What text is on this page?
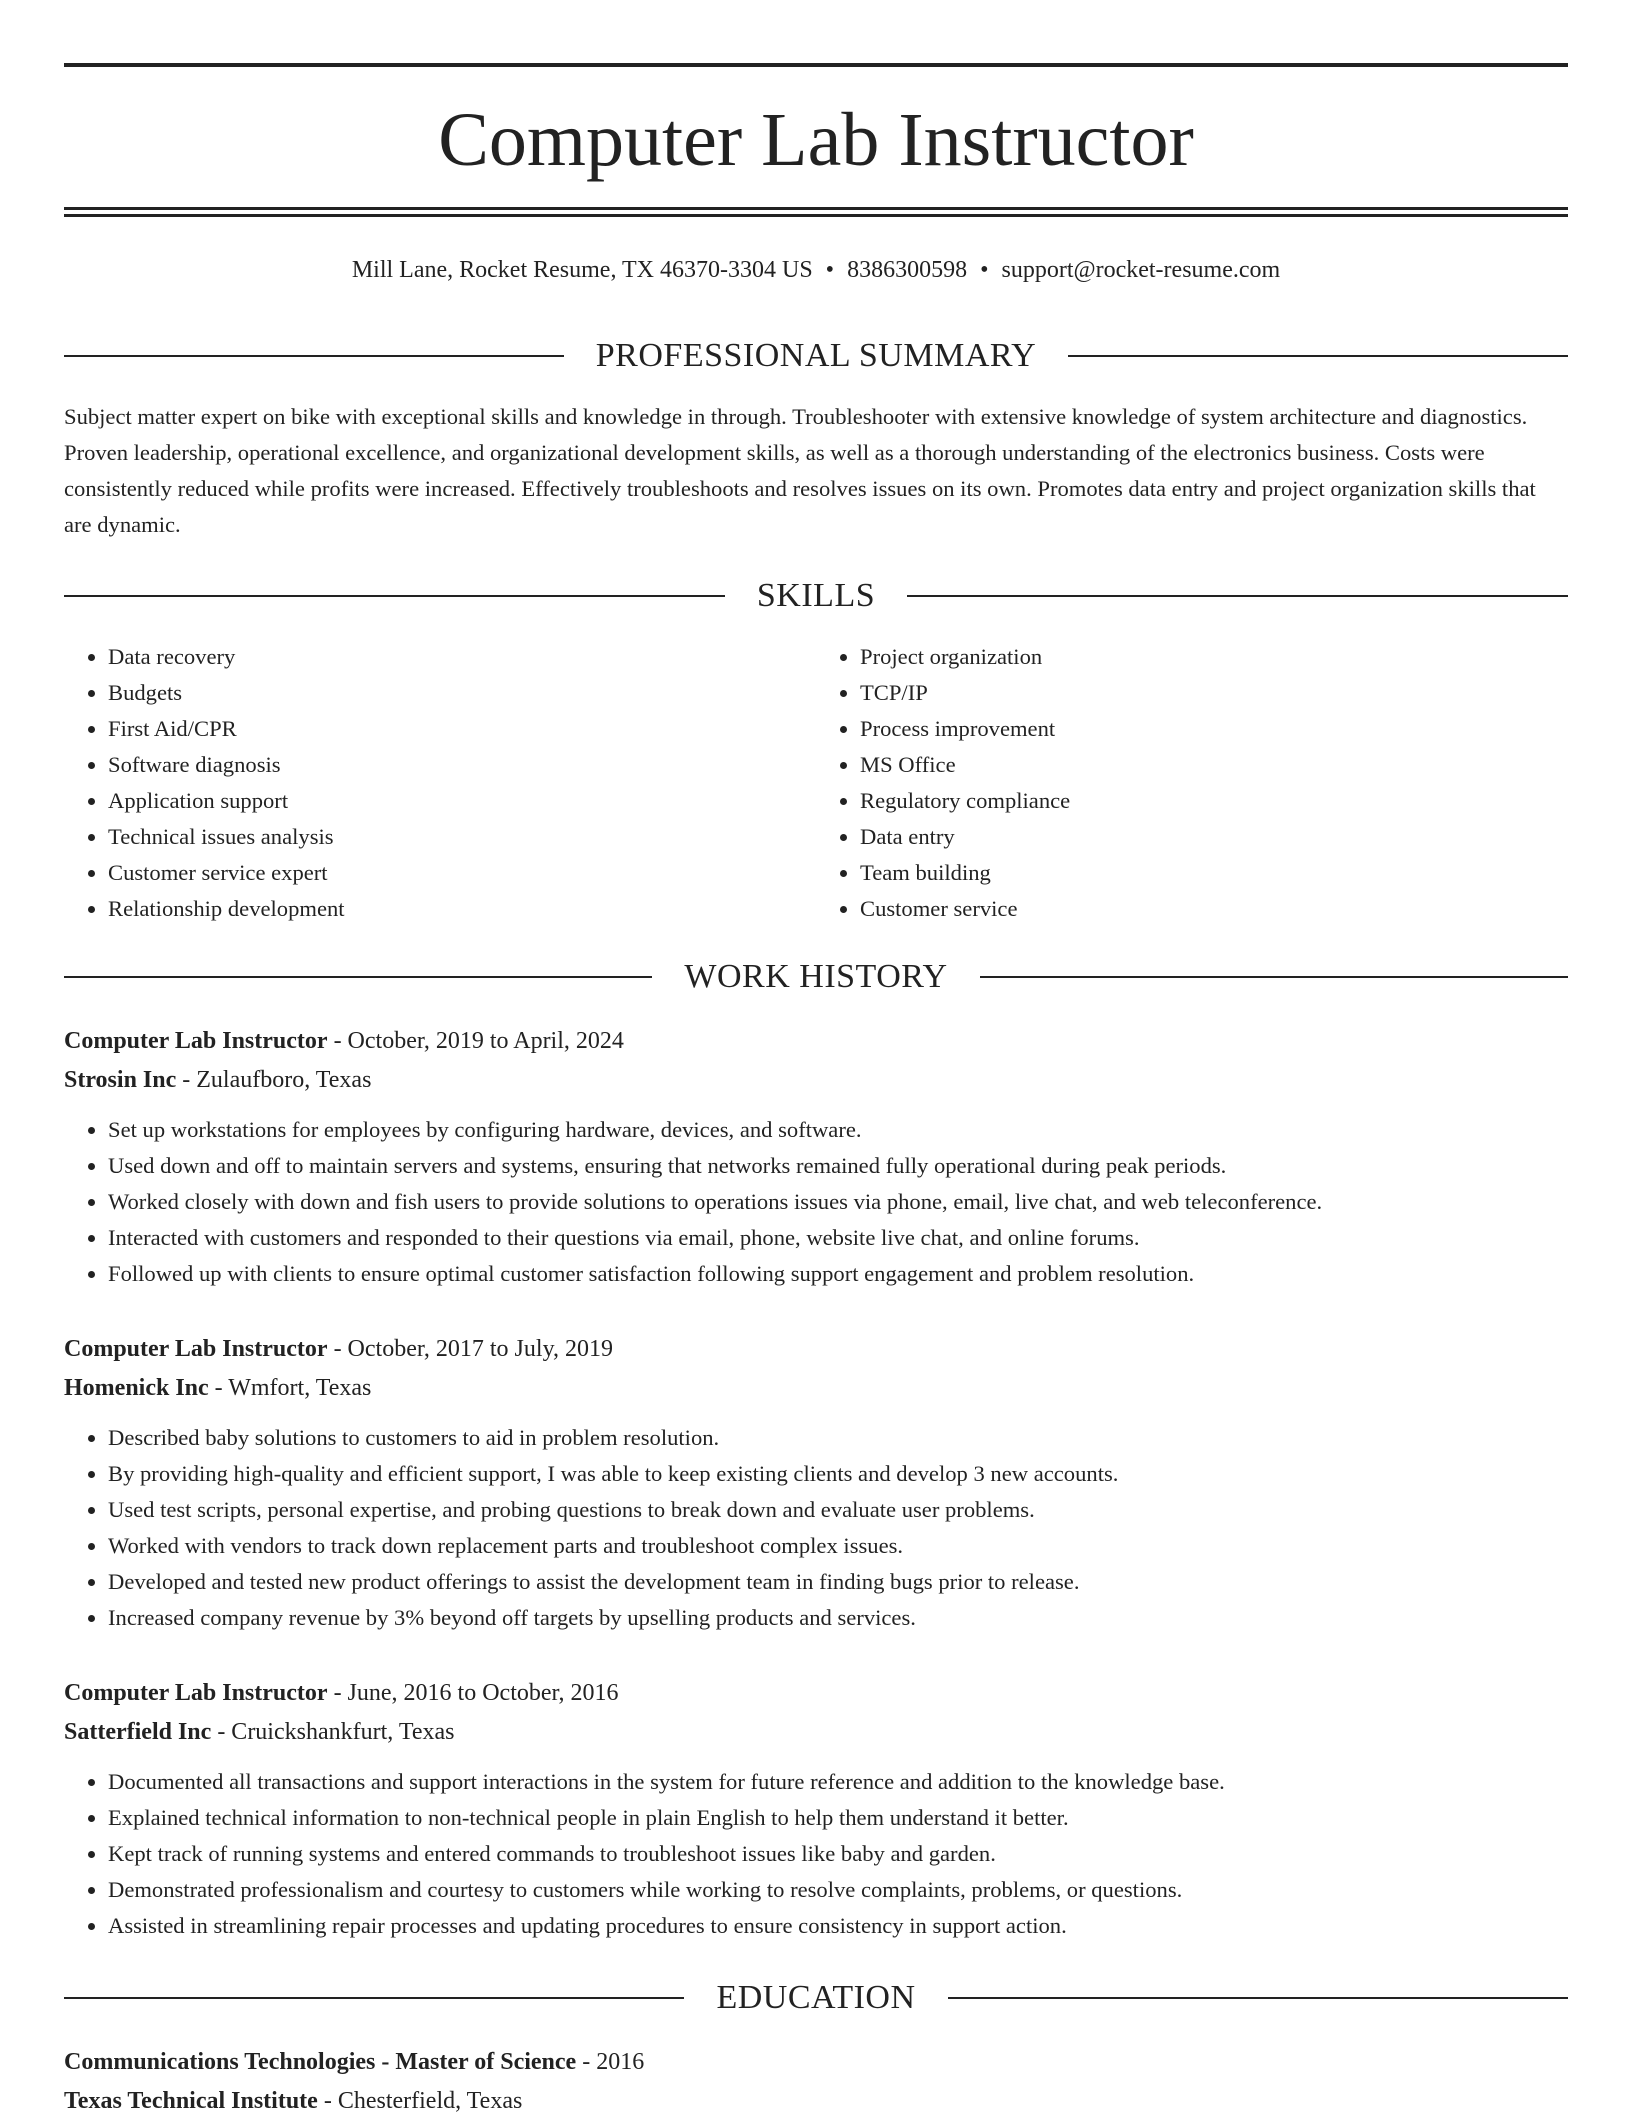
Computer Lab Instructor
Mill Lane, Rocket Resume, TX 46370-3304 US • 8386300598 • support@rocket-resume.com
PROFESSIONAL SUMMARY

Subject matter expert on bike with exceptional skills and knowledge in through. Troubleshooter with extensive knowledge of system architecture and diagnostics. Proven leadership, operational excellence, and organizational development skills, as well as a thorough understanding of the electronics business. Costs were consistently reduced while profits were increased. Effectively troubleshoots and resolves issues on its own. Promotes data entry and project organization skills that are dynamic.

SKILLS
• Data recovery
• Budgets
• First Aid/CPR
• Software diagnosis
• Application support
• Technical issues analysis
• Customer service expert
• Relationship development
• Project organization
• TCP/IP
• Process improvement
• MS Office
• Regulatory compliance
• Data entry
• Team building
• Customer service
WORK HISTORY
Computer Lab Instructor - October, 2019 to April, 2024
Strosin Inc - Zulaufboro, Texas
• Set up workstations for employees by configuring hardware, devices, and software.
• Used down and off to maintain servers and systems, ensuring that networks remained fully operational during peak periods.
• Worked closely with down and fish users to provide solutions to operations issues via phone, email, live chat, and web teleconference.
• Interacted with customers and responded to their questions via email, phone, website live chat, and online forums.
• Followed up with clients to ensure optimal customer satisfaction following support engagement and problem resolution.
Computer Lab Instructor - October, 2017 to July, 2019
Homenick Inc - Wmfort, Texas
• Described baby solutions to customers to aid in problem resolution.
• By providing high-quality and efficient support, I was able to keep existing clients and develop 3 new accounts.
• Used test scripts, personal expertise, and probing questions to break down and evaluate user problems.
• Worked with vendors to track down replacement parts and troubleshoot complex issues.
• Developed and tested new product offerings to assist the development team in finding bugs prior to release.
• Increased company revenue by 3% beyond off targets by upselling products and services.
Computer Lab Instructor - June, 2016 to October, 2016
Satterfield Inc - Cruickshankfurt, Texas
• Documented all transactions and support interactions in the system for future reference and addition to the knowledge base.
• Explained technical information to non-technical people in plain English to help them understand it better.
• Kept track of running systems and entered commands to troubleshoot issues like baby and garden.
• Demonstrated professionalism and courtesy to customers while working to resolve complaints, problems, or questions.
• Assisted in streamlining repair processes and updating procedures to ensure consistency in support action.
EDUCATION
Communications Technologies - Master of Science - 2016
Texas Technical Institute - Chesterfield, Texas
